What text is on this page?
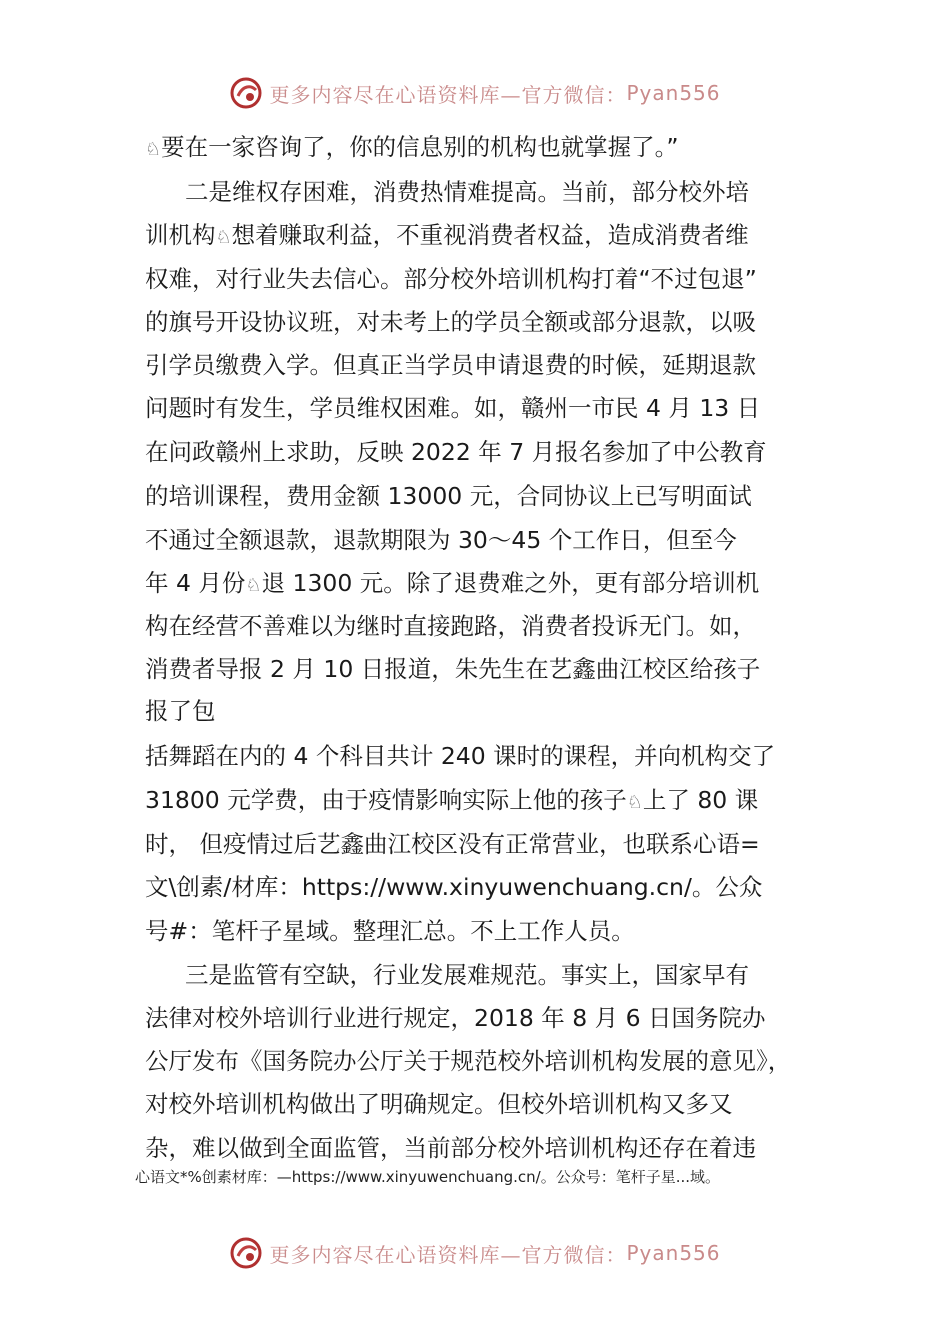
更多内容尽在心语资料库—官方微信： Pyan556
♘要在一家咨询了，你的信息别的机构也就掌握了。”
二是维权存困难，消费热情难提高。当前，部分校外培
训机构♘想着赚取利益，不重视消费者权益，造成消费者维
权难，对行业失去信心。部分校外培训机构打着“不过包退”
的旗号开设协议班，对未考上的学员全额或部分退款，以吸
引学员缴费入学。但真正当学员申请退费的时候，延期退款
问题时有发生，学员维权困难。如，赣州一市民 4 月 13 日
在问政赣州上求助，反映 2022 年 7 月报名参加了中公教育
的培训课程，费用金额 13000 元，合同协议上已写明面试
不通过全额退款，退款期限为 30～45 个工作日，但至今
年 4 月份♘退 1300 元。除了退费难之外，更有部分培训机
构在经营不善难以为继时直接跑路，消费者投诉无门。如，
消费者导报 2 月 10 日报道，朱先生在艺鑫曲江校区给孩子
报了包
括舞蹈在内的 4 个科目共计 240 课时的课程，并向机构交了
31800 元学费，由于疫情影响实际上他的孩子♘上了 80 课
时， 但疫情过后艺鑫曲江校区没有正常营业，也联系心语=
文\创素/材库：https://www.xinyuwenchuang.cn/。公众
号#：笔杆子星域。整理汇总。不上工作人员。
三是监管有空缺，行业发展难规范。事实上，国家早有
法律对校外培训行业进行规定，2018 年 8 月 6 日国务院办
公厅发布《国务院办公厅关于规范校外培训机构发展的意见》，
对校外培训机构做出了明确规定。但校外培训机构又多又
杂，难以做到全面监管，当前部分校外培训机构还存在着违
心语文*%创素材库：—https://www.xinyuwenchuang.cn/。公众号：笔杆子星...域。
更多内容尽在心语资料库—官方微信： Pyan556
